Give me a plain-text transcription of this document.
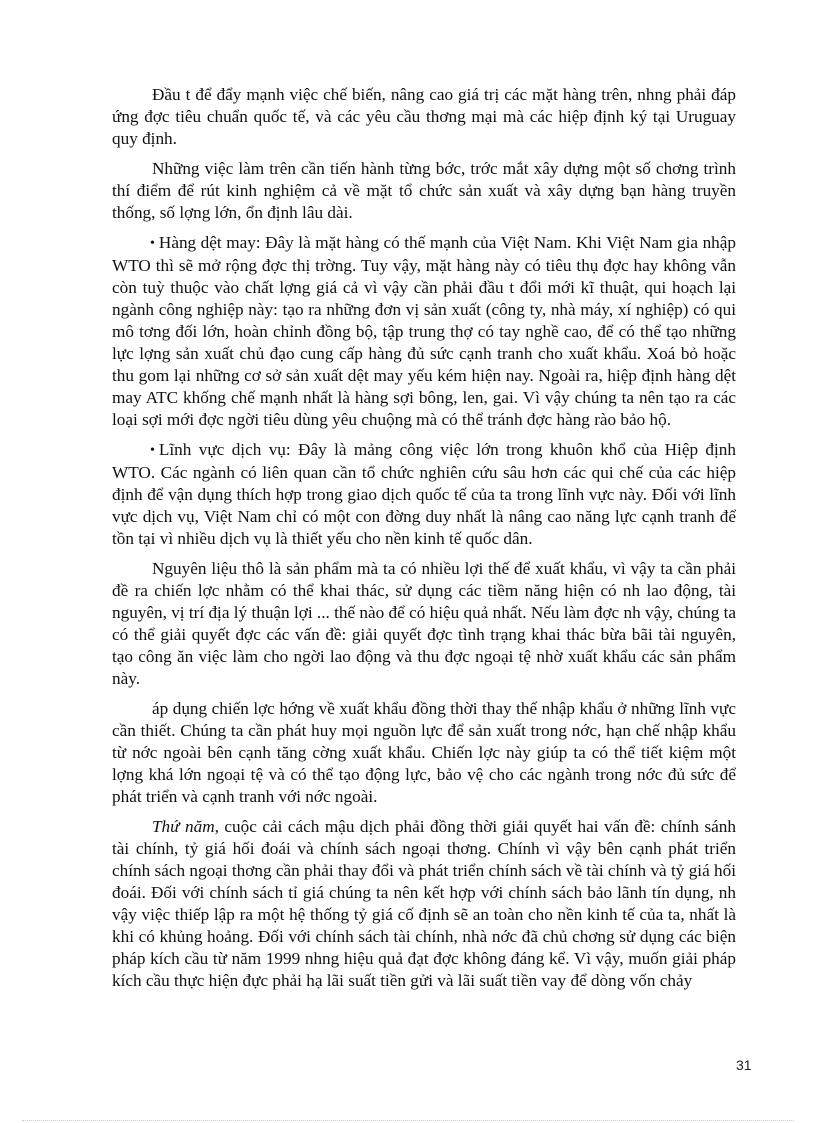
Đầu t để đẩy mạnh việc chế biến, nâng cao giá trị các mặt hàng trên, nhng phải đáp ứng đợc tiêu chuẩn quốc tế, và các yêu cầu thơng mại mà các hiệp định ký tại Uruguay quy định.

Những việc làm trên cần tiến hành từng bớc, trớc mắt xây dựng một số chơng trình thí điểm để rút kinh nghiệm cả về mặt tổ chức sản xuất và xây dựng bạn hàng truyền thống, số lợng lớn, ổn định lâu dài.

• Hàng dệt may: Đây là mặt hàng có thế mạnh của Việt Nam. Khi Việt Nam gia nhập WTO thì sẽ mở rộng đợc thị trờng. Tuy vậy, mặt hàng này có tiêu thụ đợc hay không vẫn còn tuỳ thuộc vào chất lợng giá cả vì vậy cần phải đầu t đổi mới kĩ thuật, qui hoạch lại ngành công nghiệp này: tạo ra những đơn vị sản xuất (công ty, nhà máy, xí nghiệp) có qui mô tơng đối lớn, hoàn chỉnh đồng bộ, tập trung thợ có tay nghề cao, để có thể tạo những lực lợng sản xuất chủ đạo cung cấp hàng đủ sức cạnh tranh cho xuất khẩu. Xoá bỏ hoặc thu gom lại những cơ sở sản xuất dệt may yếu kém hiện nay. Ngoài ra, hiệp định hàng dệt may ATC khống chế mạnh nhất là hàng sợi bông, len, gai. Vì vậy chúng ta nên tạo ra các loại sợi mới đợc ngời tiêu dùng yêu chuộng mà có thể tránh đợc hàng rào bảo hộ.

• Lĩnh vực dịch vụ: Đây là mảng công việc lớn trong khuôn khổ của Hiệp định WTO. Các ngành có liên quan cần tổ chức nghiên cứu sâu hơn các qui chế của các hiệp định để vận dụng thích hợp trong giao dịch quốc tế của ta trong lĩnh vực này. Đối với lĩnh vực dịch vụ, Việt Nam chỉ có một con đờng duy nhất là nâng cao năng lực cạnh tranh để tồn tại vì nhiều dịch vụ là thiết yếu cho nền kinh tế quốc dân.

Nguyên liệu thô là sản phẩm mà ta có nhiều lợi thế để xuất khẩu, vì vậy ta cần phải đề ra chiến lợc nhằm có thể khai thác, sử dụng các tiềm năng hiện có nh lao động, tài nguyên, vị trí địa lý thuận lợi ... thế nào để có hiệu quả nhất. Nếu làm đợc nh vậy, chúng ta có thể giải quyết đợc các vấn đề: giải quyết đợc tình trạng khai thác bừa bãi tài nguyên, tạo công ăn việc làm cho ngời lao động và thu đợc ngoại tệ nhờ xuất khẩu các sản phẩm này.

áp dụng chiến lợc hớng về xuất khẩu đồng thời thay thế nhập khẩu ở những lĩnh vực cần thiết. Chúng ta cần phát huy mọi nguồn lực để sản xuất trong nớc, hạn chế nhập khẩu từ nớc ngoài bên cạnh tăng cờng xuất khẩu. Chiến lợc này giúp ta có thể tiết kiệm một lợng khá lớn ngoại tệ và có thể tạo động lực, bảo vệ cho các ngành trong nớc đủ sức để phát triển và cạnh tranh với nớc ngoài.

Thứ năm, cuộc cải cách mậu dịch phải đồng thời giải quyết hai vấn đề: chính sánh tài chính, tỷ giá hối đoái và chính sách ngoại thơng. Chính vì vậy bên cạnh phát triển chính sách ngoại thơng cần phải thay đổi và phát triển chính sách về tài chính và tỷ giá hối đoái. Đối với chính sách tỉ giá chúng ta nên kết hợp với chính sách bảo lãnh tín dụng, nh vậy việc thiếp lập ra một hệ thống tỷ giá cố định sẽ an toàn cho nền kinh tế của ta, nhất là khi có khủng hoảng. Đối với chính sách tài chính, nhà nớc đã chủ chơng sử dụng các biện pháp kích cầu từ năm 1999 nhng hiệu quả đạt đợc không đáng kể. Vì vậy, muốn giải pháp kích cầu thực hiện đực phải hạ lãi suất tiền gửi và lãi suất tiền vay để dòng vốn chảy

31
